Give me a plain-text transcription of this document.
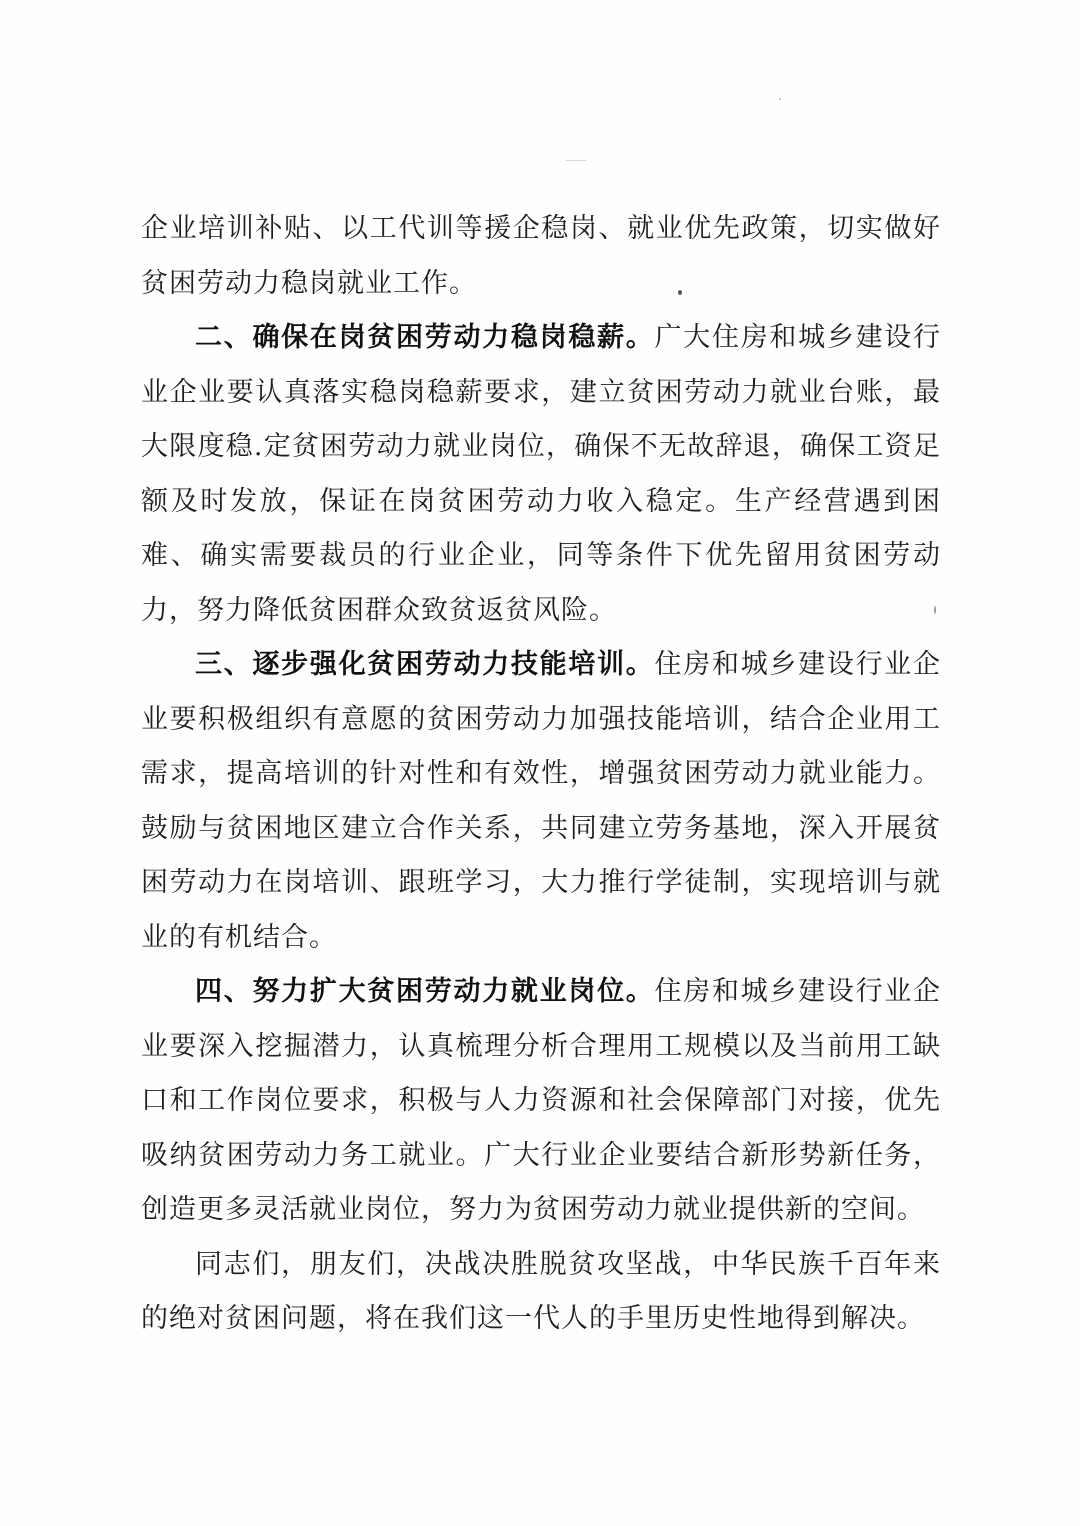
企业培训补贴、以工代训等援企稳岗、就业优先政策，切实做好贫困劳动力稳岗就业工作。

二、确保在岗贫困劳动力稳岗稳薪。广大住房和城乡建设行业企业要认真落实稳岗稳薪要求，建立贫困劳动力就业台账，最大限度稳.定贫困劳动力就业岗位，确保不无故辞退，确保工资足额及时发放，保证在岗贫困劳动力收入稳定。生产经营遇到困难、确实需要裁员的行业企业，同等条件下优先留用贫困劳动力，努力降低贫困群众致贫返贫风险。

三、逐步强化贫困劳动力技能培训。住房和城乡建设行业企业要积极组织有意愿的贫困劳动力加强技能培训，结合企业用工需求，提高培训的针对性和有效性，增强贫困劳动力就业能力。鼓励与贫困地区建立合作关系，共同建立劳务基地，深入开展贫困劳动力在岗培训、跟班学习，大力推行学徒制，实现培训与就业的有机结合。

四、努力扩大贫困劳动力就业岗位。住房和城乡建设行业企业要深入挖掘潜力，认真梳理分析合理用工规模以及当前用工缺口和工作岗位要求，积极与人力资源和社会保障部门对接，优先吸纳贫困劳动力务工就业。广大行业企业要结合新形势新任务，创造更多灵活就业岗位，努力为贫困劳动力就业提供新的空间。

同志们，朋友们，决战决胜脱贫攻坚战，中华民族千百年来的绝对贫困问题，将在我们这一代人的手里历史性地得到解决。
